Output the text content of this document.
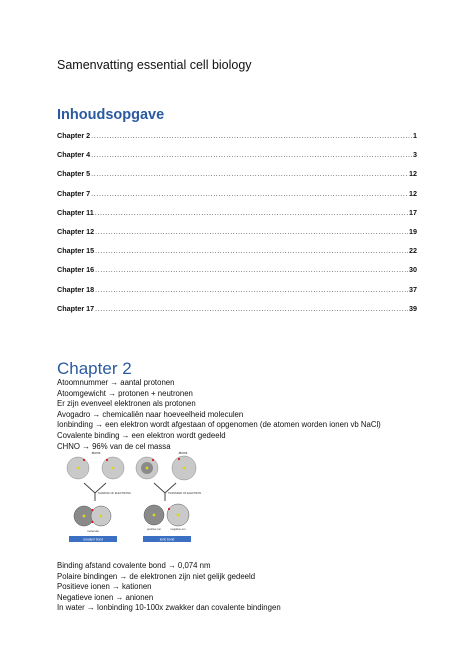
Samenvatting essential cell biology
Inhoudsopgave
Chapter 2 .....	1
Chapter 4 .....	3
Chapter 5 .....	12
Chapter 7 .....	12
Chapter 11 .....	17
Chapter 12 .....	19
Chapter 15 .....	22
Chapter 16 .....	30
Chapter 18 .....	37
Chapter 17 .....	39
Chapter 2
Atoomnummer → aantal protonen
Atoomgewicht → protonen + neutronen
Er zijn evenveel elektronen als protonen
Avogadro → chemicaliën naar hoeveelheid moleculen
Ionbinding → een elektron wordt afgestaan of opgenomen (de atomen worden ionen vb NaCl)
Covalente binding → een elektron wordt gedeeld
CHNO → 96% van de cel massa
atoms
SHARING OF ELECTRONS
molecule
covalent bond
atoms
TRANSFER OF ELECTRON
positive ion	negative ion
ionic bond
Binding afstand covalente bond → 0,074 nm
Polaire bindingen → de elektronen zijn niet gelijk gedeeld
Positieve ionen → kationen
Negatieve ionen → anionen
In water → Ionbinding 10-100x zwakker dan covalente bindingen
